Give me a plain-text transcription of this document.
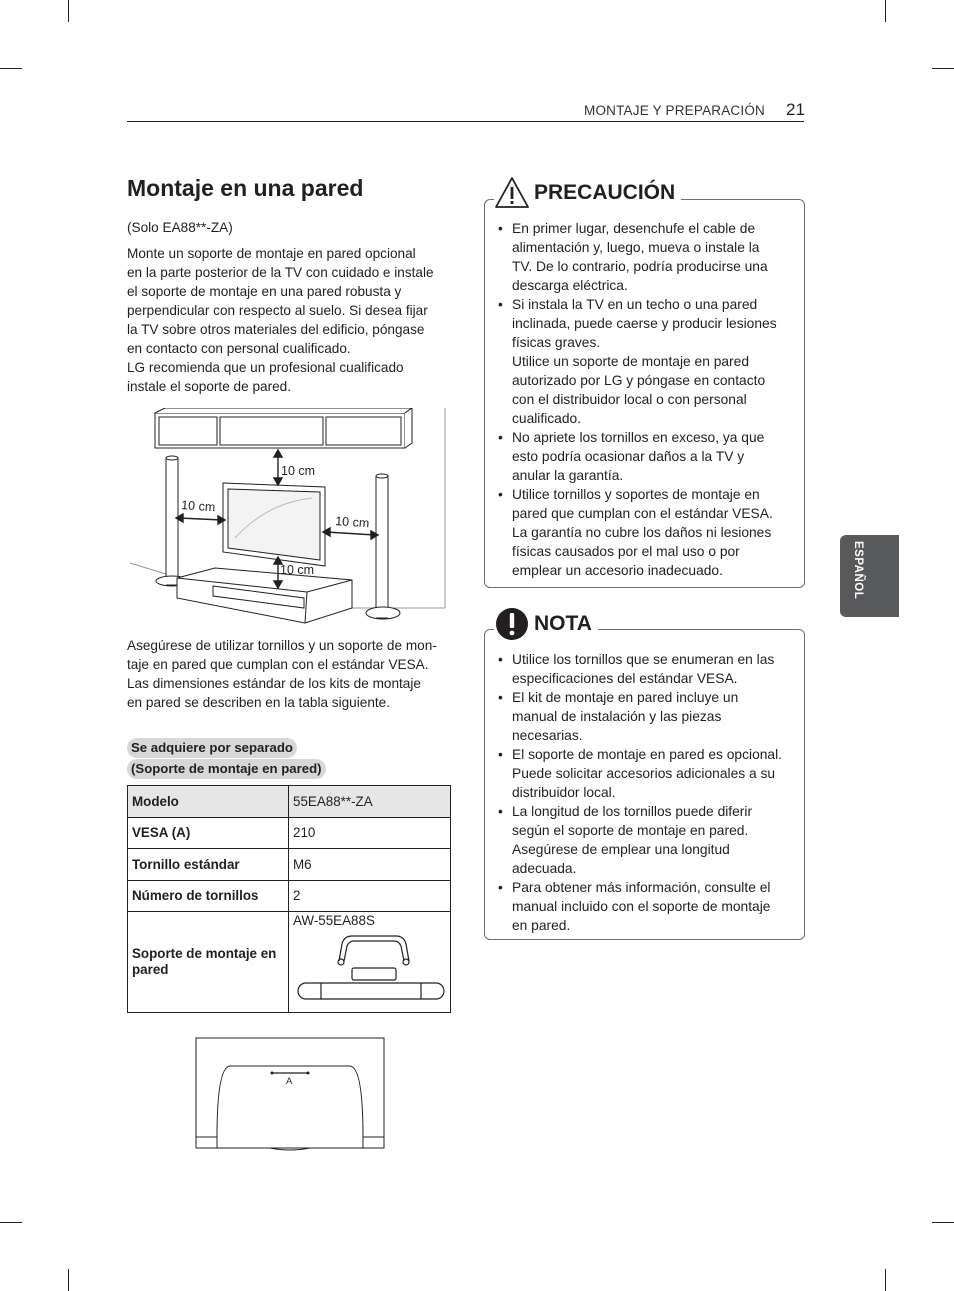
MONTAJE Y PREPARACIÓN 21
Montaje en una pared

(Solo EA88**-ZA)

Monte un soporte de montaje en pared opcional
en la parte posterior de la TV con cuidado e instale
el soporte de montaje en una pared robusta y
perpendicular con respecto al suelo. Si desea fijar
la TV sobre otros materiales del edificio, póngase
en contacto con personal cualificado.
LG recomienda que un profesional cualificado
instale el soporte de pared.

10 cm
10 cm
10 cm
10 cm

Asegúrese de utilizar tornillos y un soporte de mon-
taje en pared que cumplan con el estándar VESA.
Las dimensiones estándar de los kits de montaje
en pared se describen en la tabla siguiente.

Se adquiere por separado
(Soporte de montaje en pared)
Modelo	55EA88**-ZA
VESA (A)	210
Tornillo estándar	M6
Número de tornillos	2
Soporte de montaje en pared	AW-55EA88S
A
• En primer lugar, desenchufe el cable de
alimentación y, luego, mueva o instale la
TV. De lo contrario, podría producirse una
descarga eléctrica.
• Si instala la TV en un techo o una pared
inclinada, puede caerse y producir lesiones
físicas graves.
Utilice un soporte de montaje en pared
autorizado por LG y póngase en contacto
con el distribuidor local o con personal
cualificado.
• No apriete los tornillos en exceso, ya que
esto podría ocasionar daños a la TV y
anular la garantía.
• Utilice tornillos y soportes de montaje en
pared que cumplan con el estándar VESA.
La garantía no cubre los daños ni lesiones
físicas causados por el mal uso o por
emplear un accesorio inadecuado.
PRECAUCIÓN
• Utilice los tornillos que se enumeran en las
especificaciones del estándar VESA.
• El kit de montaje en pared incluye un
manual de instalación y las piezas
necesarias.
• El soporte de montaje en pared es opcional.
Puede solicitar accesorios adicionales a su
distribuidor local.
• La longitud de los tornillos puede diferir
según el soporte de montaje en pared.
Asegúrese de emplear una longitud
adecuada.
• Para obtener más información, consulte el
manual incluido con el soporte de montaje
en pared.
NOTA
ESPAÑOL
